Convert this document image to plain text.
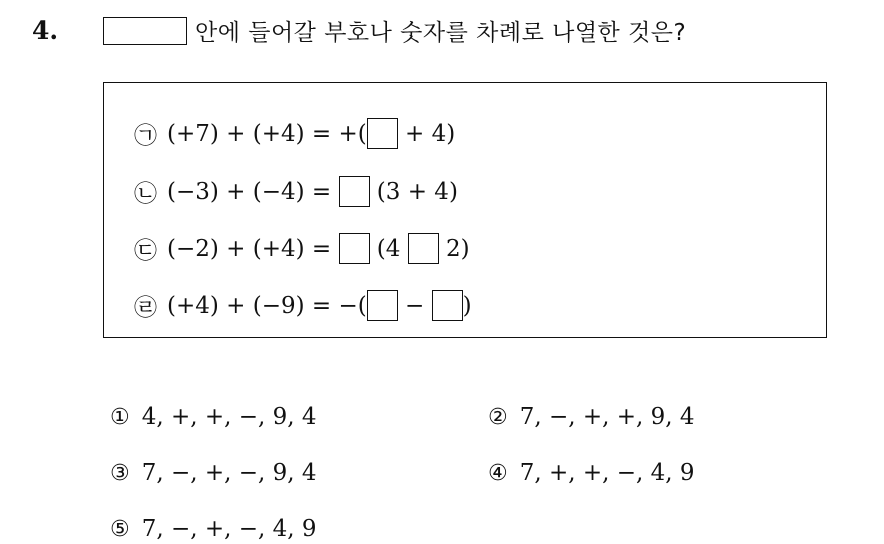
4.	안에 들어갈 부호나 숫자를 차례로 나열한 것은?
㉠ (+7) + (+4) = +( + 4)
㉡ (−3) + (−4) = (3 + 4)
㉢ (−2) + (+4) = (4 2)
㉣ (+4) + (−9) = −( − )
① 4, +, +, −, 9, 4	② 7, −, +, +, 9, 4
③ 7, −, +, −, 9, 4	④ 7, +, +, −, 4, 9
⑤ 7, −, +, −, 4, 9
